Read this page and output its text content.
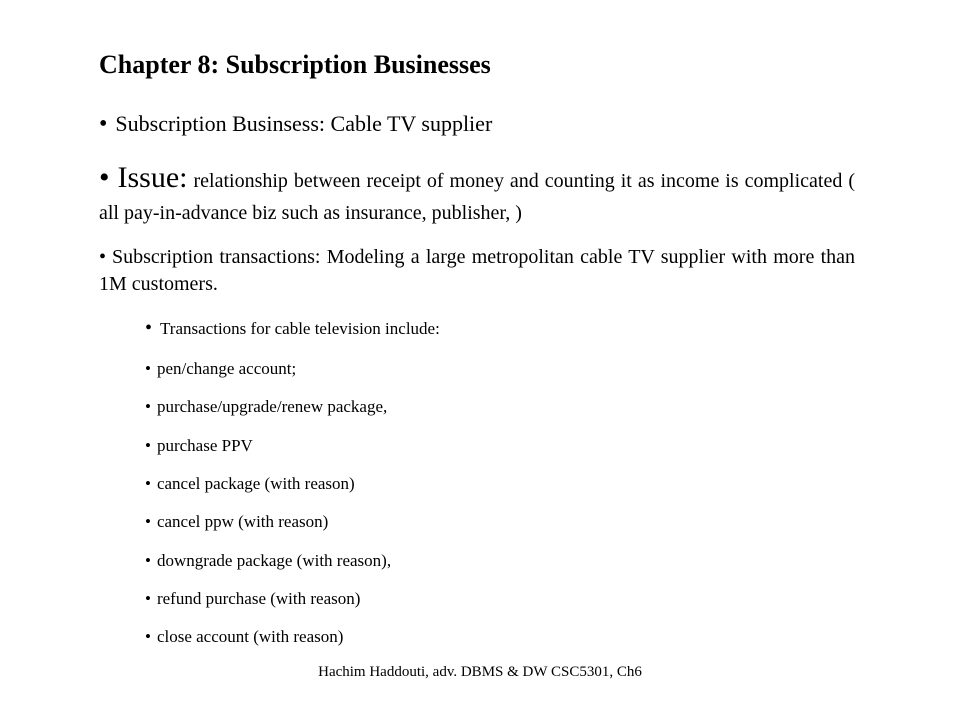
Chapter 8: Subscription Businesses
• Subscription Businsess: Cable TV supplier
• Issue: relationship between receipt of money and counting it as income is complicated ( all pay-in-advance biz such as insurance, publisher, )
• Subscription transactions: Modeling a large metropolitan cable TV supplier with more than 1M customers.
• Transactions for cable television include:
• pen/change account;
• purchase/upgrade/renew package,
• purchase PPV
• cancel package (with reason)
• cancel ppw (with reason)
• downgrade package (with reason),
• refund purchase (with reason)
• close account (with reason)
Hachim Haddouti, adv. DBMS & DW CSC5301, Ch6
